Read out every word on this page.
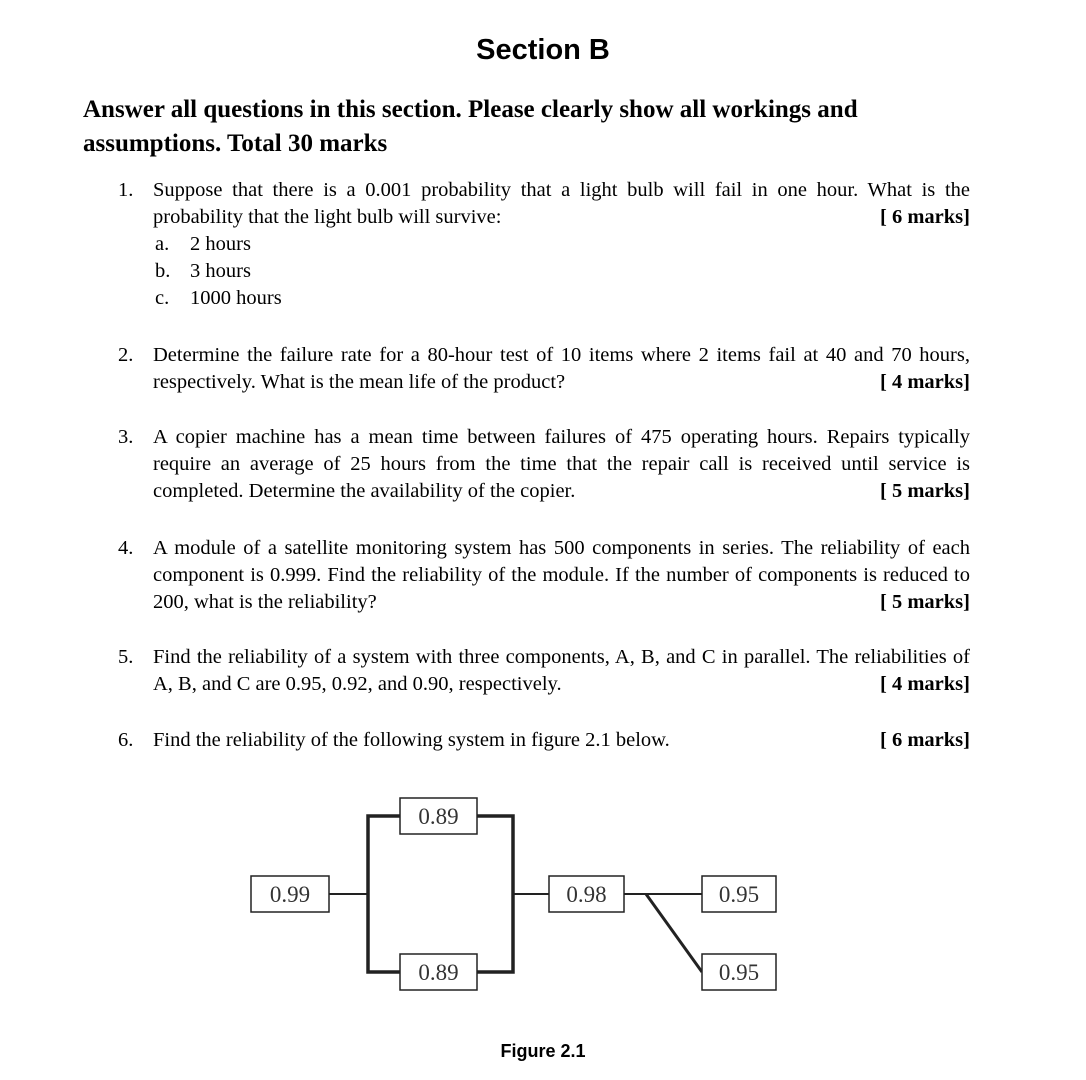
Section B
Answer all questions in this section. Please clearly show all workings and assumptions. Total 30 marks
1. Suppose that there is a 0.001 probability that a light bulb will fail in one hour. What is the probability that the light bulb will survive:	[ 6 marks]
a. 2 hours
b. 3 hours
c. 1000 hours
2. Determine the failure rate for a 80-hour test of 10 items where 2 items fail at 40 and 70 hours, respectively. What is the mean life of the product?	[ 4 marks]
3. A copier machine has a mean time between failures of 475 operating hours. Repairs typically require an average of 25 hours from the time that the repair call is received until service is completed. Determine the availability of the copier.	[ 5 marks]
4. A module of a satellite monitoring system has 500 components in series. The reliability of each component is 0.999. Find the reliability of the module. If the number of components is reduced to 200, what is the reliability?	[ 5 marks]
5. Find the reliability of a system with three components, A, B, and C in parallel. The reliabilities of A, B, and C are 0.95, 0.92, and 0.90, respectively.	[ 4 marks]
6. Find the reliability of the following system in figure 2.1 below.	[ 6 marks]
0.99
0.89
0.89
0.98	0.95
0.95
Figure 2.1
